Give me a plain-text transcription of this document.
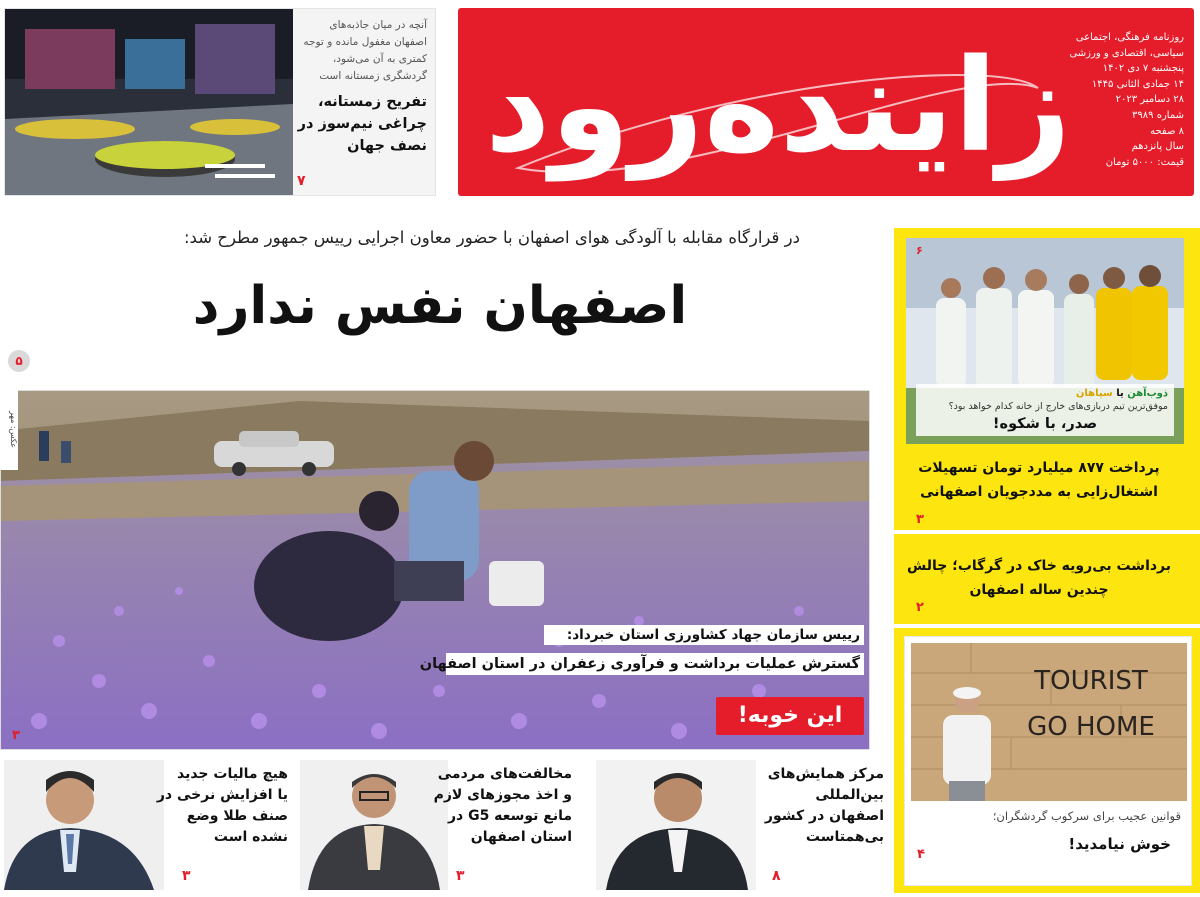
زاینده‌رود روزنامه فرهنگی، اجتماعی
سیاسی، اقتصادی و ورزشی
پنجشنبه ۷ دی ۱۴۰۲
۱۴ جمادی الثانی ۱۴۴۵
۲۸ دسامبر ۲۰۲۳
شماره ۳۹۸۹
۸ صفحه
سال پانزدهم
قیمت: ۵۰۰۰ تومان
آنچه در میان جاذبه‌های اصفهان مغفول مانده و توجه کمتری به آن می‌شود، گردشگری زمستانه است
تفریح زمستانه، چراغی نیم‌سوز در نصف جهان
۷
در قرارگاه مقابله با آلودگی هوای اصفهان با حضور معاون اجرایی رییس جمهور مطرح شد:
اصفهان نفس ندارد
۵
عکس: مهر
رییس سازمان جهاد کشاورزی استان خبرداد:
گسترش عملیات برداشت و فرآوری زعفران در استان اصفهان
این خوبه!
۳
مرکز همایش‌های
بین‌المللی
اصفهان در کشور
بی‌همتاست
۸
مخالفت‌های مردمی
و اخذ مجوزهای لازم
مانع توسعه G5 در
استان اصفهان
۳
هیچ مالیات جدید
یا افزایش نرخی در
صنف طلا وضع
نشده است
۳
۶
ذوب‌آهن یا سپاهان
موفق‌ترین تیم دربازی‌های خارج از خانه کدام خواهد بود؟
صدر، با شکوه!
پرداخت ۸۷۷ میلیارد تومان تسهیلات اشتغال‌زایی به مددجویان اصفهانی
۳
برداشت بی‌رویه خاک در گرگاب؛ چالش چندین ساله اصفهان
۲
TOURIST
GO HOME
قوانین عجیب برای سرکوب گردشگران؛
خوش نیامدید!
۴
